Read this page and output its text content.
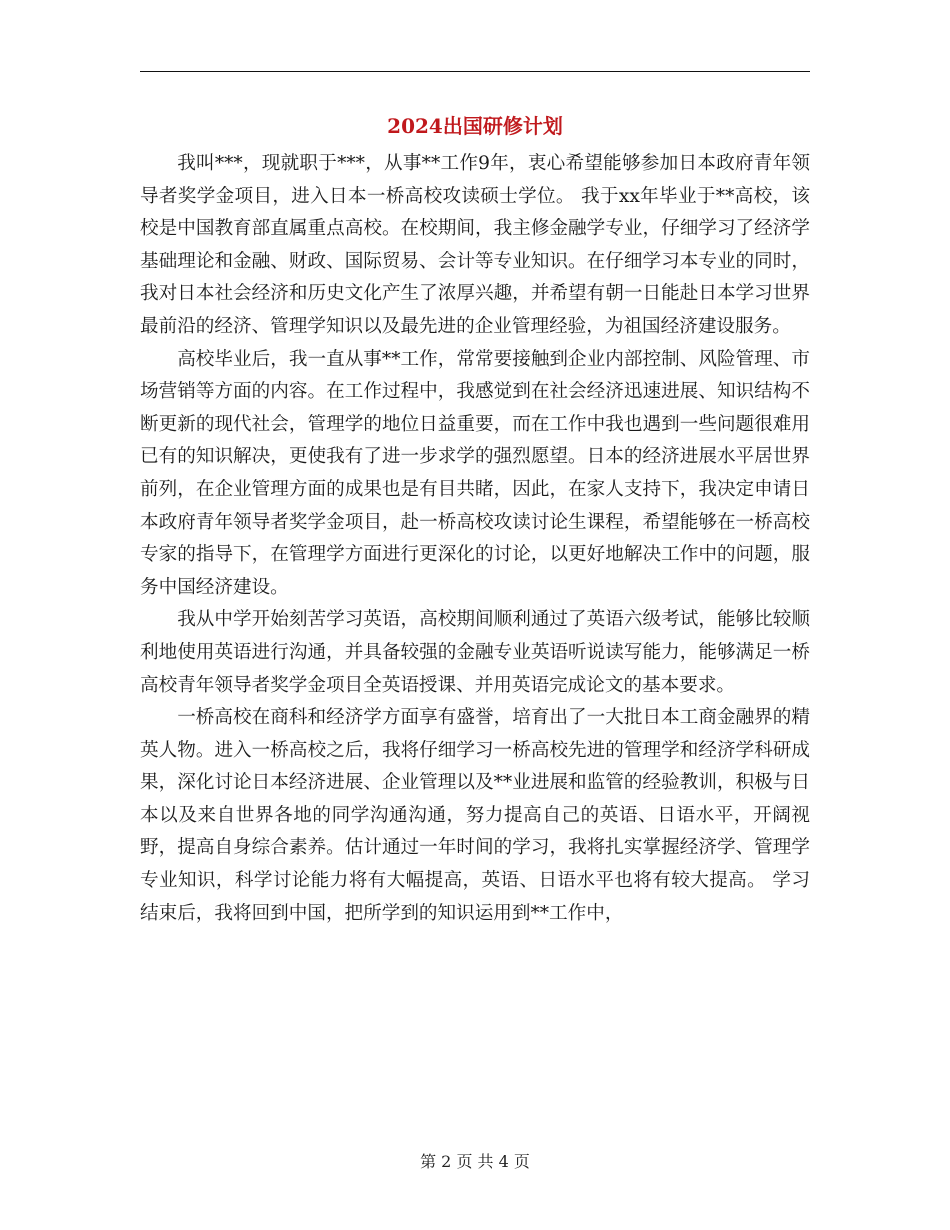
2024出国研修计划

我叫***，现就职于***，从事**工作9年，衷心希望能够参加日本政府青年领导者奖学金项目，进入日本一桥高校攻读硕士学位。 我于xx年毕业于**高校，该校是中国教育部直属重点高校。在校期间，我主修金融学专业，仔细学习了经济学基础理论和金融、财政、国际贸易、会计等专业知识。在仔细学习本专业的同时，我对日本社会经济和历史文化产生了浓厚兴趣，并希望有朝一日能赴日本学习世界最前沿的经济、管理学知识以及最先进的企业管理经验，为祖国经济建设服务。

高校毕业后，我一直从事**工作，常常要接触到企业内部控制、风险管理、市场营销等方面的内容。在工作过程中，我感觉到在社会经济迅速进展、知识结构不断更新的现代社会，管理学的地位日益重要，而在工作中我也遇到一些问题很难用已有的知识解决，更使我有了进一步求学的强烈愿望。日本的经济进展水平居世界前列，在企业管理方面的成果也是有目共睹，因此，在家人支持下，我决定申请日本政府青年领导者奖学金项目，赴一桥高校攻读讨论生课程，希望能够在一桥高校专家的指导下，在管理学方面进行更深化的讨论，以更好地解决工作中的问题，服务中国经济建设。

我从中学开始刻苦学习英语，高校期间顺利通过了英语六级考试，能够比较顺利地使用英语进行沟通，并具备较强的金融专业英语听说读写能力，能够满足一桥高校青年领导者奖学金项目全英语授课、并用英语完成论文的基本要求。

一桥高校在商科和经济学方面享有盛誉，培育出了一大批日本工商金融界的精英人物。进入一桥高校之后，我将仔细学习一桥高校先进的管理学和经济学科研成果，深化讨论日本经济进展、企业管理以及**业进展和监管的经验教训，积极与日本以及来自世界各地的同学沟通沟通，努力提高自己的英语、日语水平，开阔视野，提高自身综合素养。估计通过一年时间的学习，我将扎实掌握经济学、管理学专业知识，科学讨论能力将有大幅提高，英语、日语水平也将有较大提高。 学习结束后，我将回到中国，把所学到的知识运用到**工作中，

第 2 页 共 4 页
